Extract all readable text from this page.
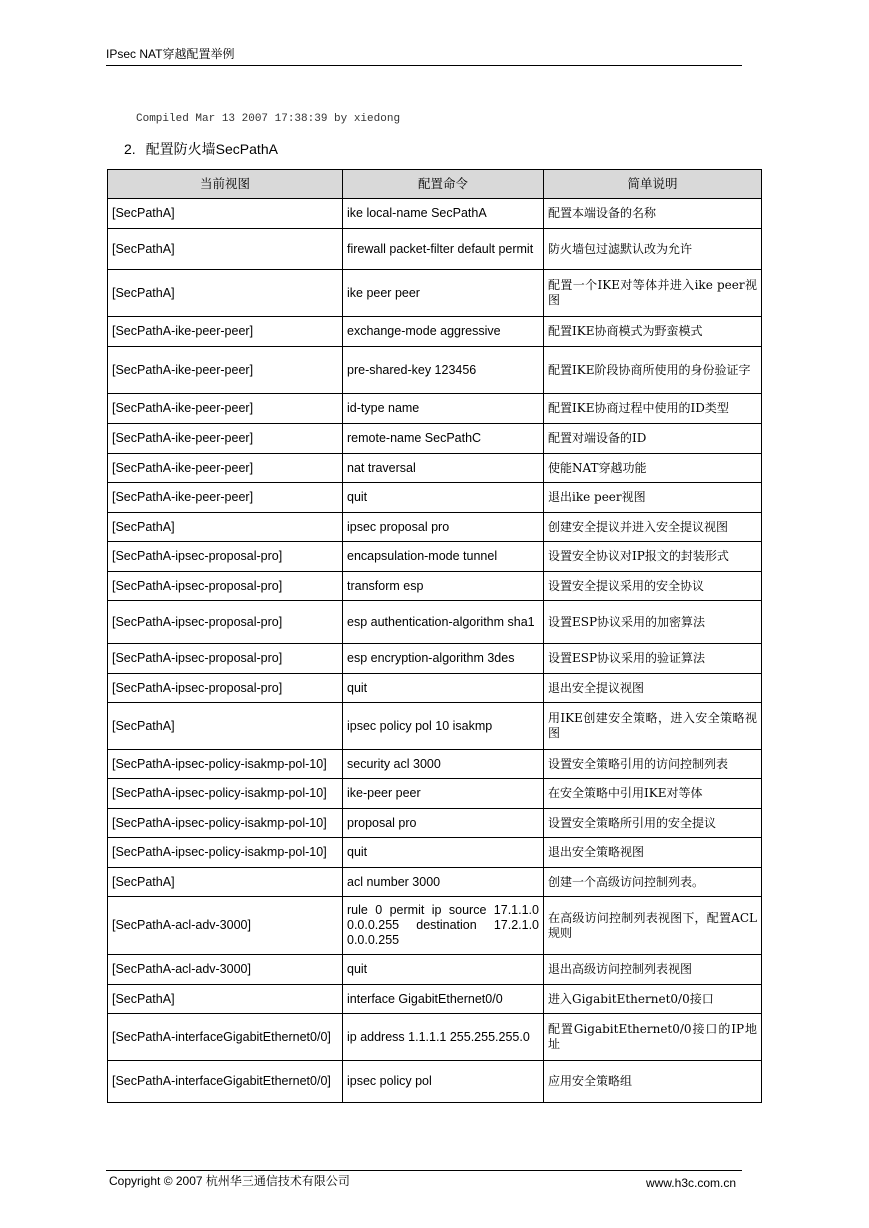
IPsec NAT穿越配置举例
Compiled Mar 13 2007 17:38:39 by xiedong
2. 配置防火墙SecPathA
当前视图	配置命令	简单说明
[SecPathA]	ike local-name SecPathA	配置本端设备的名称
[SecPathA]	firewall packet-filter default permit	防火墙包过滤默认改为允许
[SecPathA]	ike peer peer	配置一个IKE对等体并进入ike peer视图
[SecPathA-ike-peer-peer]	exchange-mode aggressive	配置IKE协商模式为野蛮模式
[SecPathA-ike-peer-peer]	pre-shared-key 123456	配置IKE阶段协商所使用的身份验证字
[SecPathA-ike-peer-peer]	id-type name	配置IKE协商过程中使用的ID类型
[SecPathA-ike-peer-peer]	remote-name SecPathC	配置对端设备的ID
[SecPathA-ike-peer-peer]	nat traversal	使能NAT穿越功能
[SecPathA-ike-peer-peer]	quit	退出ike peer视图
[SecPathA]	ipsec proposal pro	创建安全提议并进入安全提议视图
[SecPathA-ipsec-proposal-pro]	encapsulation-mode tunnel	设置安全协议对IP报文的封装形式
[SecPathA-ipsec-proposal-pro]	transform esp	设置安全提议采用的安全协议
[SecPathA-ipsec-proposal-pro]	esp authentication-algorithm sha1	设置ESP协议采用的加密算法
[SecPathA-ipsec-proposal-pro]	esp encryption-algorithm 3des	设置ESP协议采用的验证算法
[SecPathA-ipsec-proposal-pro]	quit	退出安全提议视图
[SecPathA]	ipsec policy pol 10 isakmp	用IKE创建安全策略，进入安全策略视图
[SecPathA-ipsec-policy-isakmp-pol-10]	security acl 3000	设置安全策略引用的访问控制列表
[SecPathA-ipsec-policy-isakmp-pol-10]	ike-peer peer	在安全策略中引用IKE对等体
[SecPathA-ipsec-policy-isakmp-pol-10]	proposal pro	设置安全策略所引用的安全提议
[SecPathA-ipsec-policy-isakmp-pol-10]	quit	退出安全策略视图
[SecPathA]	acl number 3000	创建一个高级访问控制列表。
[SecPathA-acl-adv-3000]	rule 0 permit ip source 17.1.1.0 0.0.0.255 destination 17.2.1.0 0.0.0.255	在高级访问控制列表视图下，配置ACL规则
[SecPathA-acl-adv-3000]	quit	退出高级访问控制列表视图
[SecPathA]	interface GigabitEthernet0/0	进入GigabitEthernet0/0接口
[SecPathA-interfaceGigabitEthernet0/0]	ip address 1.1.1.1 255.255.255.0	配置GigabitEthernet0/0接口的IP地址
[SecPathA-interfaceGigabitEthernet0/0]	ipsec policy pol	应用安全策略组
Copyright © 2007 杭州华三通信技术有限公司	www.h3c.com.cn
